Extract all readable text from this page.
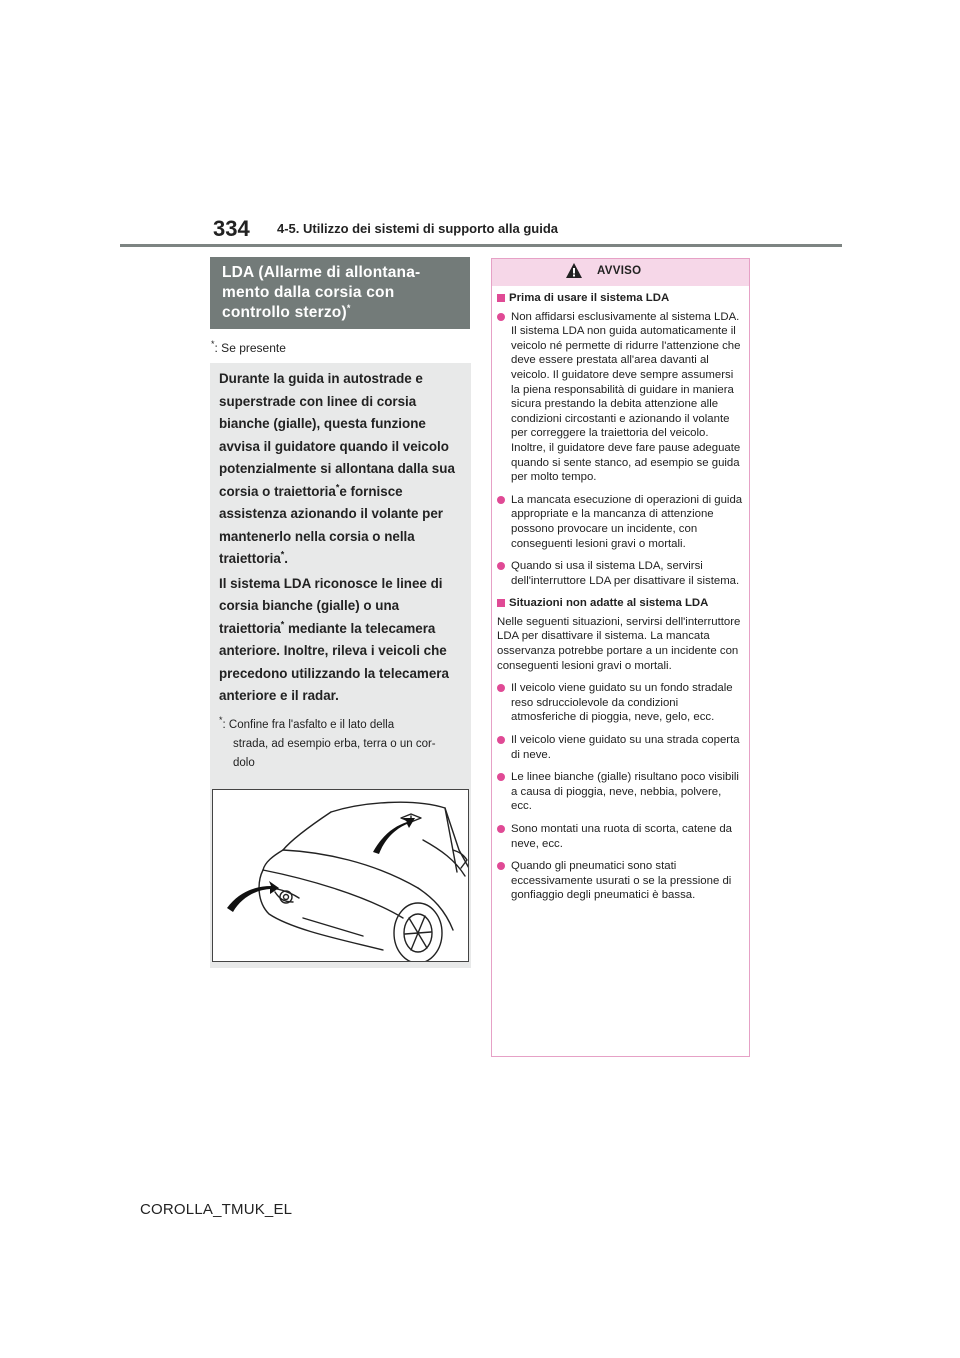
334 4-5. Utilizzo dei sistemi di supporto alla guida
LDA (Allarme di allontana-
mento dalla corsia con
controllo sterzo)*
*: Se presente

Durante la guida in autostrade e superstrade con linee di corsia bianche (gialle), questa funzione avvisa il guidatore quando il veicolo potenzialmente si allontana dalla sua corsia o traiettoria*e fornisce assistenza azionando il volante per mantenerlo nella corsia o nella traiettoria*.

Il sistema LDA riconosce le linee di corsia bianche (gialle) o una traiettoria* mediante la telecamera anteriore. Inoltre, rileva i veicoli che precedono utilizzando la telecamera anteriore e il radar.

*: Confine fra l'asfalto e il lato della
strada, ad esempio erba, terra o un cor-
dolo
AVVISO
Prima di usare il sistema LDA
Non affidarsi esclusivamente al sistema LDA. Il sistema LDA non guida automaticamente il veicolo né permette di ridurre l'attenzione che deve essere prestata all'area davanti al veicolo. Il guidatore deve sempre assumersi la piena responsabilità di guidare in maniera sicura prestando la debita attenzione alle condizioni circostanti e azionando il volante per correggere la traiettoria del veicolo. Inoltre, il guidatore deve fare pause adeguate quando si sente stanco, ad esempio se guida per molto tempo.
La mancata esecuzione di operazioni di guida appropriate e la mancanza di attenzione possono provocare un incidente, con conseguenti lesioni gravi o mortali.
Quando si usa il sistema LDA, servirsi dell'interruttore LDA per disattivare il sistema.
Situazioni non adatte al sistema LDA
Nelle seguenti situazioni, servirsi dell'interruttore LDA per disattivare il sistema. La mancata osservanza potrebbe portare a un incidente con conseguenti lesioni gravi o mortali.
Il veicolo viene guidato su un fondo stradale reso sdrucciolevole da condizioni atmosferiche di pioggia, neve, gelo, ecc.
Il veicolo viene guidato su una strada coperta di neve.
Le linee bianche (gialle) risultano poco visibili a causa di pioggia, neve, nebbia, polvere, ecc.
Sono montati una ruota di scorta, catene da neve, ecc.
Quando gli pneumatici sono stati eccessivamente usurati o se la pressione di gonfiaggio degli pneumatici è bassa.
COROLLA_TMUK_EL
